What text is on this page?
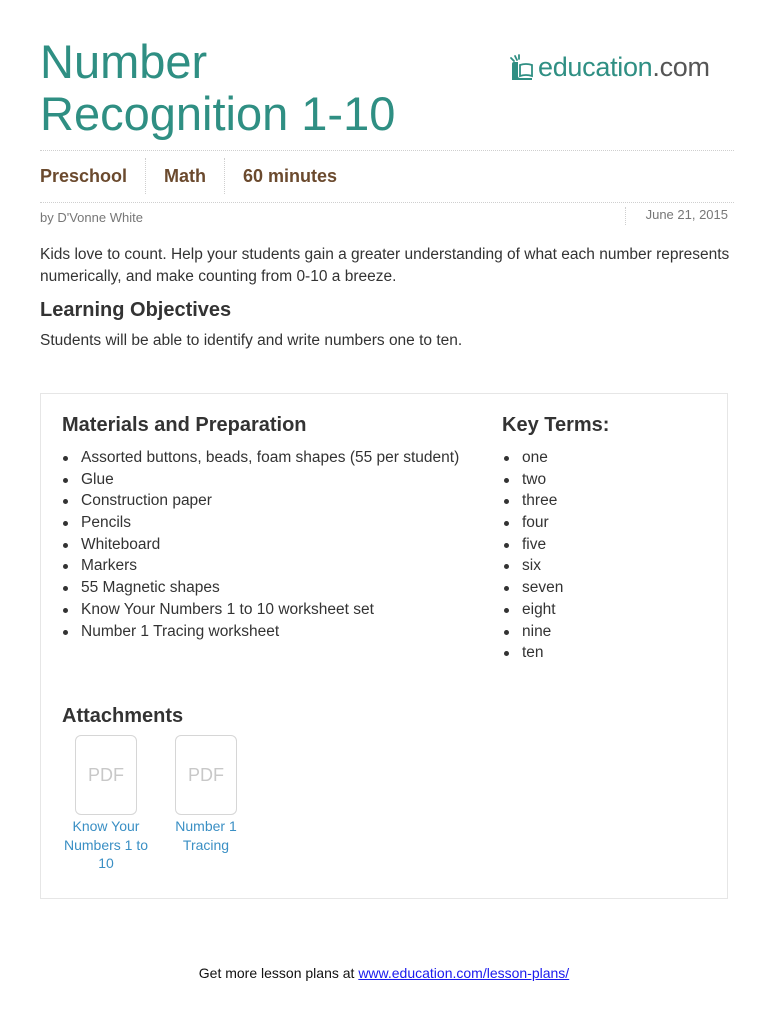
Number
Recognition 1-10
education.com
Preschool	Math	60 minutes
by D'Vonne White	June 21, 2015

Kids love to count. Help your students gain a greater understanding of what each number represents numerically, and make counting from 0-10 a breeze.

Learning Objectives

Students will be able to identify and write numbers one to ten.

Materials and Preparation
Assorted buttons, beads, foam shapes (55 per student)
Glue
Construction paper
Pencils
Whiteboard
Markers
55 Magnetic shapes
Know Your Numbers 1 to 10 worksheet set
Number 1 Tracing worksheet
Key Terms:
one
two
three
four
five
six
seven
eight
nine
ten
Attachments
PDF
Know Your Numbers 1 to 10
PDF
Number 1 Tracing
Get more lesson plans at www.education.com/lesson-plans/
